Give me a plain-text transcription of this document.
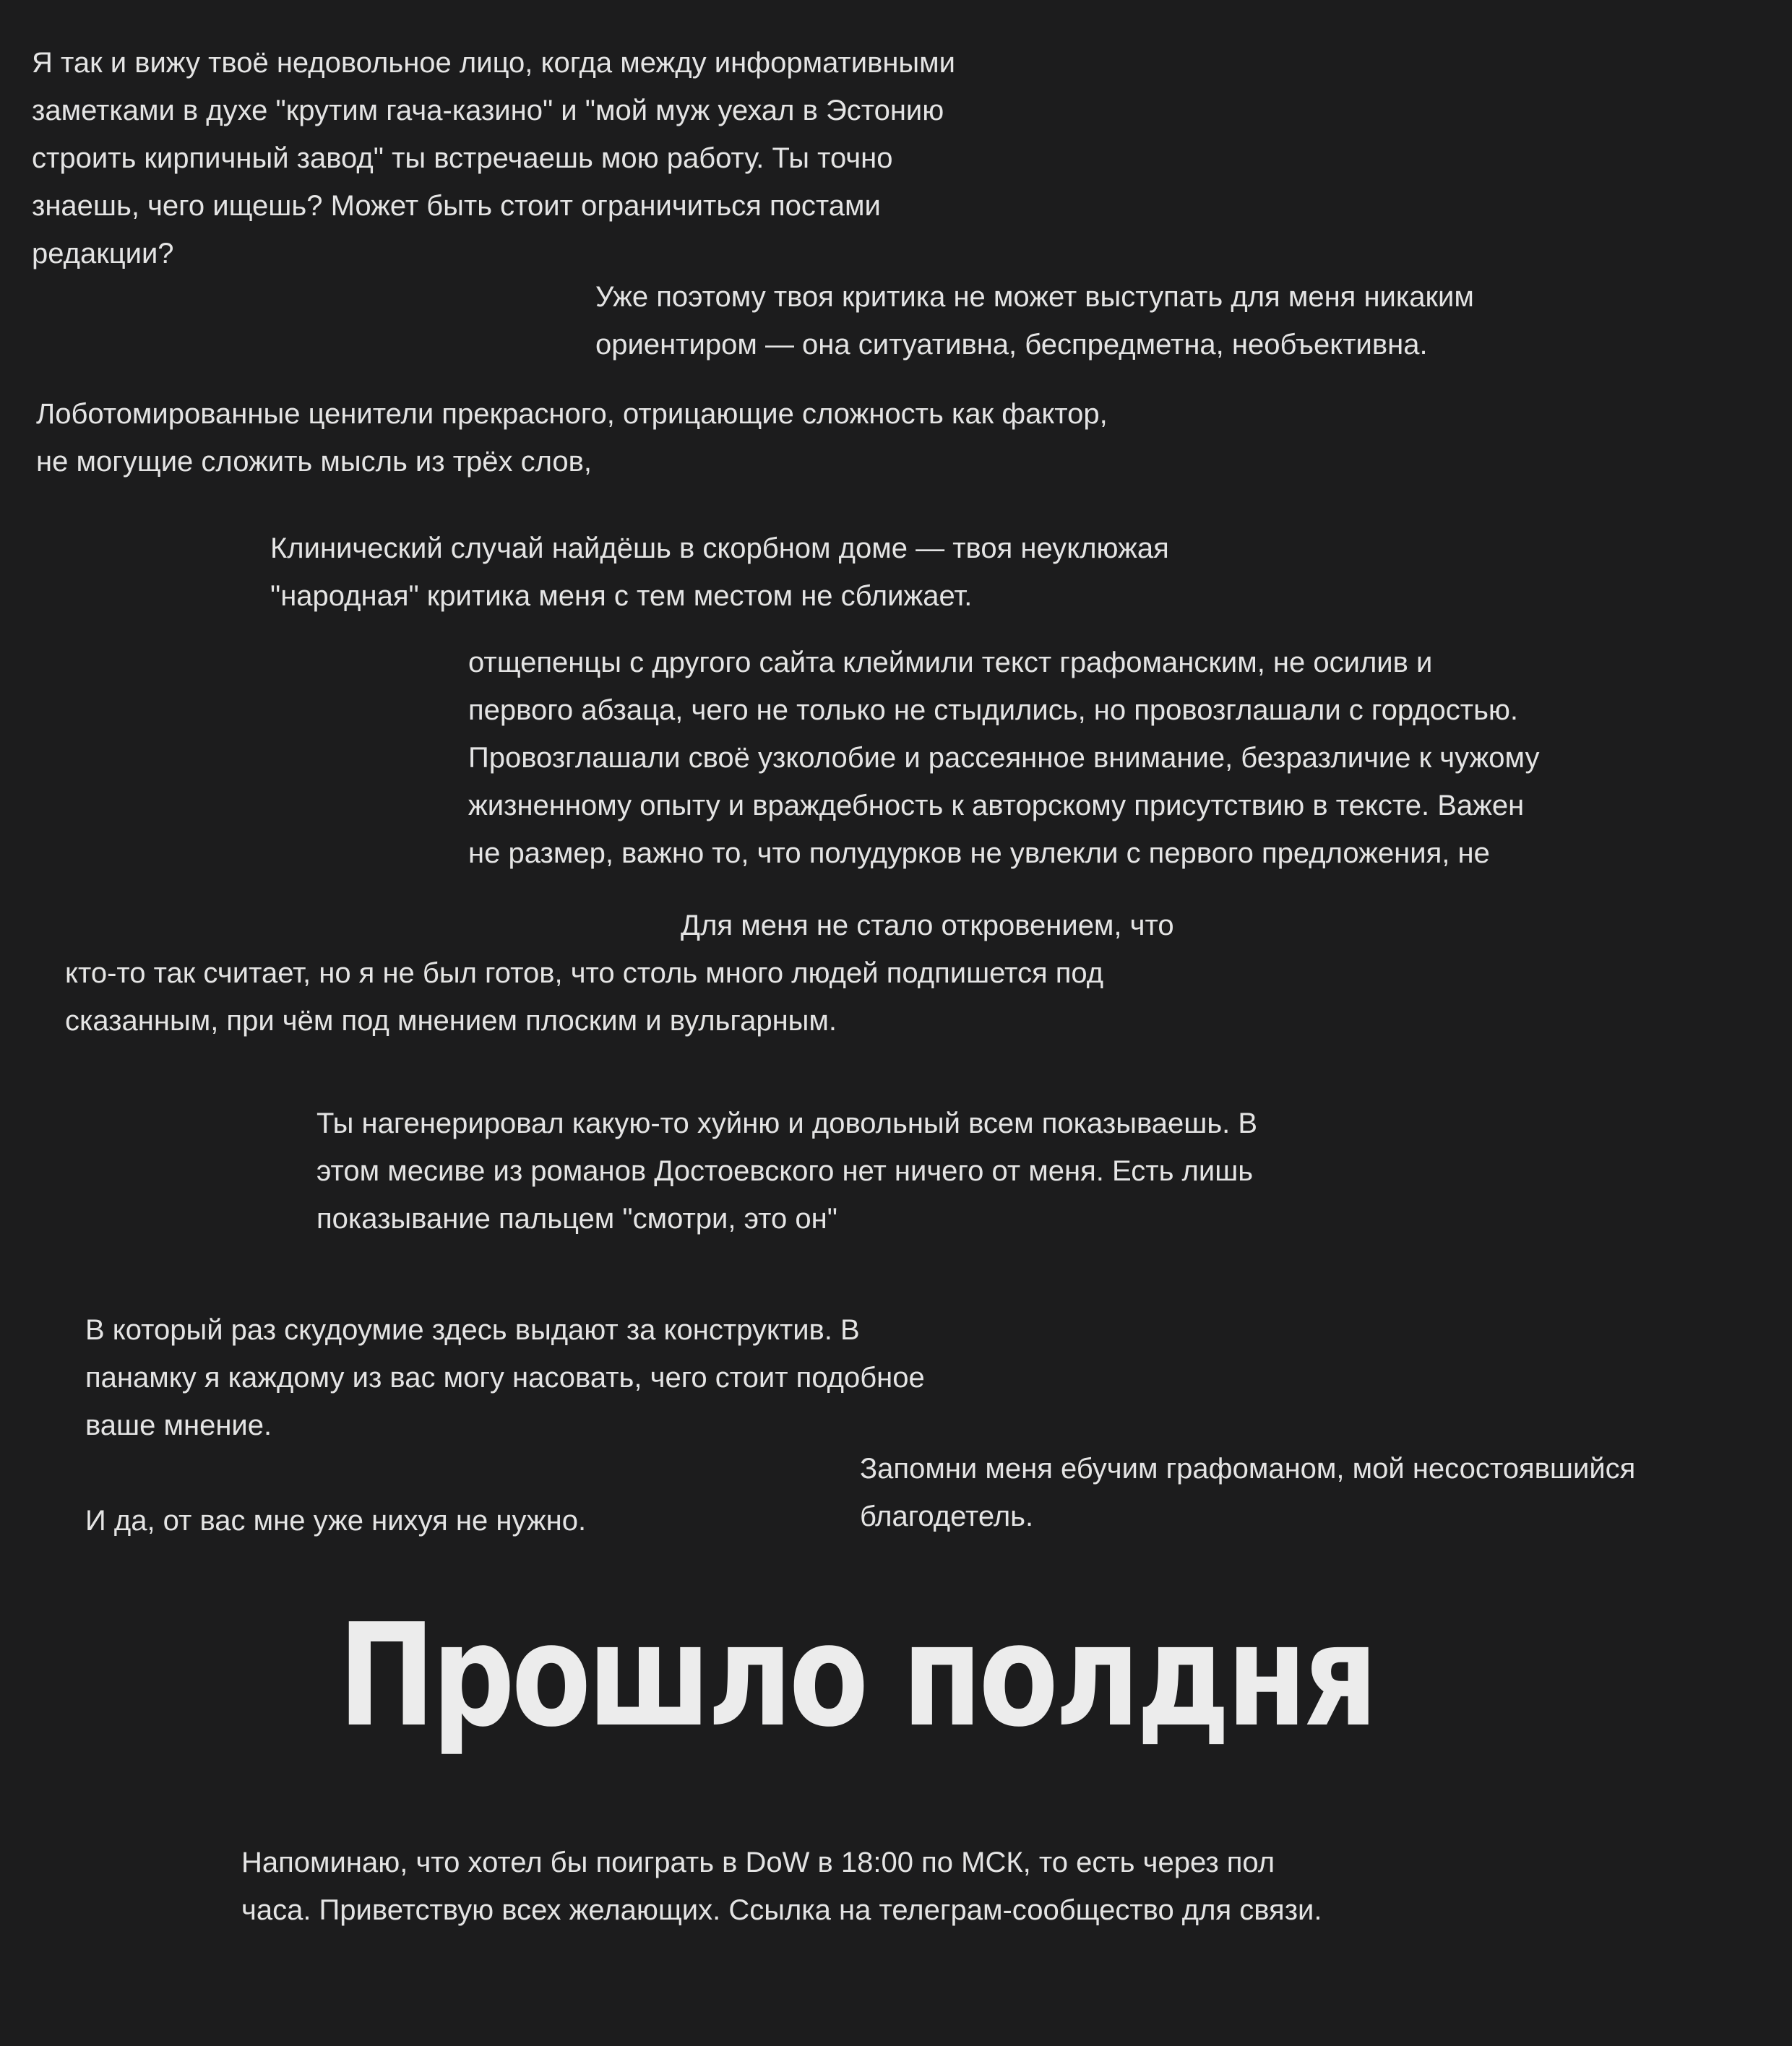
Я так и вижу твоё недовольное лицо, когда между информативными
заметками в духе "крутим гача-казино" и "мой муж уехал в Эстонию
строить кирпичный завод" ты встречаешь мою работу. Ты точно
знаешь, чего ищешь? Может быть стоит ограничиться постами
редакции?

Уже поэтому твоя критика не может выступать для меня никаким
ориентиром — она ситуативна, беспредметна, необъективна.

Лоботомированные ценители прекрасного, отрицающие сложность как фактор,
не могущие сложить мысль из трёх слов,

Клинический случай найдёшь в скорбном доме — твоя неуклюжая
"народная" критика меня с тем местом не сближает.

отщепенцы с другого сайта клеймили текст графоманским, не осилив и
первого абзаца, чего не только не стыдились, но провозглашали с гордостью.
Провозглашали своё узколобие и рассеянное внимание, безразличие к чужому
жизненному опыту и враждебность к авторскому присутствию в тексте. Важен
не размер, важно то, что полудурков не увлекли с первого предложения, не

Для меня не стало откровением, что
кто-то так считает, но я не был готов, что столь много людей подпишется под
сказанным, при чём под мнением плоским и вульгарным.

Ты нагенерировал какую-то хуйню и довольный всем показываешь. В
этом месиве из романов Достоевского нет ничего от меня. Есть лишь
показывание пальцем "смотри, это он"

В который раз скудоумие здесь выдают за конструктив. В
панамку я каждому из вас могу насовать, чего стоит подобное
ваше мнение.

И да, от вас мне уже нихуя не нужно.

Запомни меня ебучим графоманом, мой несостоявшийся
благодетель.

Прошло полдня

Напоминаю, что хотел бы поиграть в DoW в 18:00 по МСК, то есть через пол
часа. Приветствую всех желающих. Ссылка на телеграм-сообщество для связи.
